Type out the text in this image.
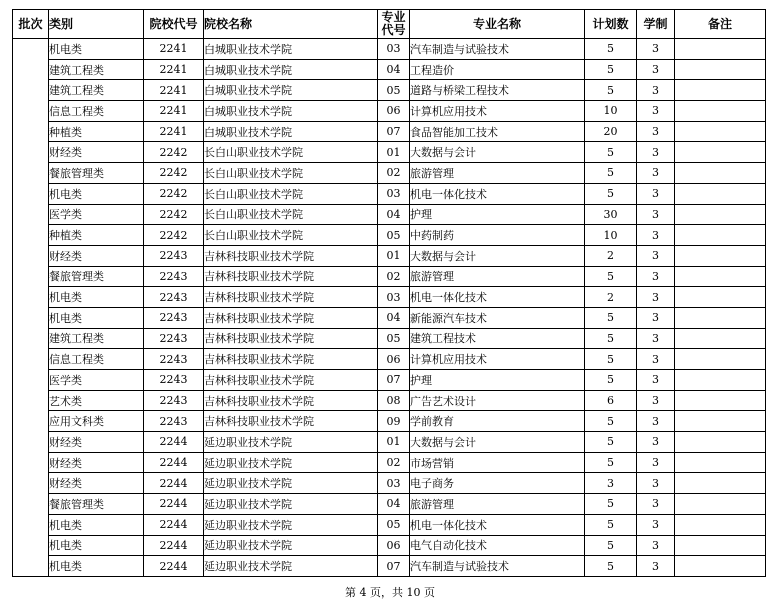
批次	类别	院校代号	院校名称	专业
代号	专业名称	计划数	学制	备注
	机电类	2241	白城职业技术学院	03	汽车制造与试验技术	5	3	
	建筑工程类	2241	白城职业技术学院	04	工程造价	5	3	
	建筑工程类	2241	白城职业技术学院	05	道路与桥梁工程技术	5	3	
	信息工程类	2241	白城职业技术学院	06	计算机应用技术	10	3	
	种植类	2241	白城职业技术学院	07	食品智能加工技术	20	3	
	财经类	2242	长白山职业技术学院	01	大数据与会计	5	3	
	餐旅管理类	2242	长白山职业技术学院	02	旅游管理	5	3	
	机电类	2242	长白山职业技术学院	03	机电一体化技术	5	3	
	医学类	2242	长白山职业技术学院	04	护理	30	3	
	种植类	2242	长白山职业技术学院	05	中药制药	10	3	
	财经类	2243	吉林科技职业技术学院	01	大数据与会计	2	3	
	餐旅管理类	2243	吉林科技职业技术学院	02	旅游管理	5	3	
	机电类	2243	吉林科技职业技术学院	03	机电一体化技术	2	3	
	机电类	2243	吉林科技职业技术学院	04	新能源汽车技术	5	3	
	建筑工程类	2243	吉林科技职业技术学院	05	建筑工程技术	5	3	
	信息工程类	2243	吉林科技职业技术学院	06	计算机应用技术	5	3	
	医学类	2243	吉林科技职业技术学院	07	护理	5	3	
	艺术类	2243	吉林科技职业技术学院	08	广告艺术设计	6	3	
	应用文科类	2243	吉林科技职业技术学院	09	学前教育	5	3	
	财经类	2244	延边职业技术学院	01	大数据与会计	5	3	
	财经类	2244	延边职业技术学院	02	市场营销	5	3	
	财经类	2244	延边职业技术学院	03	电子商务	3	3	
	餐旅管理类	2244	延边职业技术学院	04	旅游管理	5	3	
	机电类	2244	延边职业技术学院	05	机电一体化技术	5	3	
	机电类	2244	延边职业技术学院	06	电气自动化技术	5	3	
	机电类	2244	延边职业技术学院	07	汽车制造与试验技术	5	3	
第 4 页，共 10 页
